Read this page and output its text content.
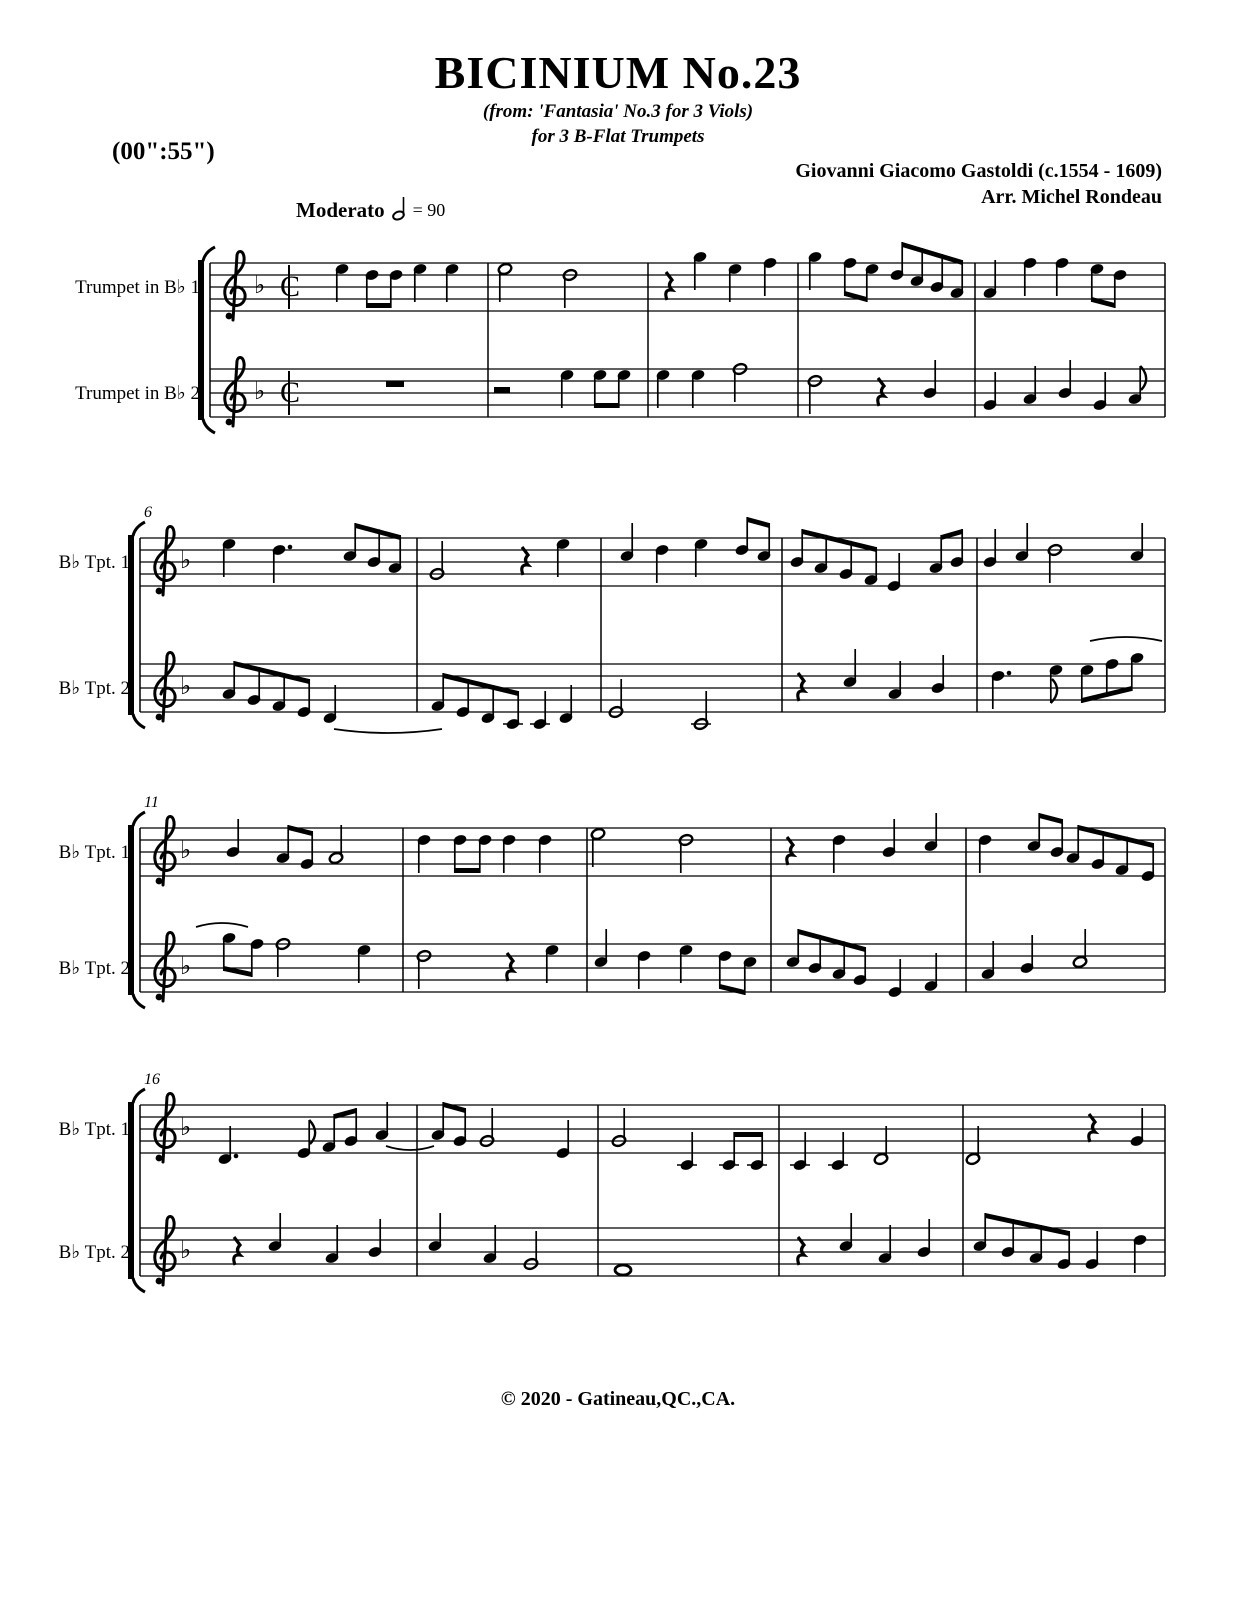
♭ C
♭ C
♭
♭
♭
♭
♭
♭
BICINIUM No.23
(from: 'Fantasia' No.3 for 3 Viols)
for 3 B-Flat Trumpets
(00":55")
Giovanni Giacomo Gastoldi (c.1554 - 1609)
Arr. Michel Rondeau
Moderato = 90
Trumpet in B♭ 1
Trumpet in B♭ 2
B♭ Tpt. 1
B♭ Tpt. 2
B♭ Tpt. 1
B♭ Tpt. 2
B♭ Tpt. 1
B♭ Tpt. 2
6
11
16
© 2020 - Gatineau,QC.,CA.
